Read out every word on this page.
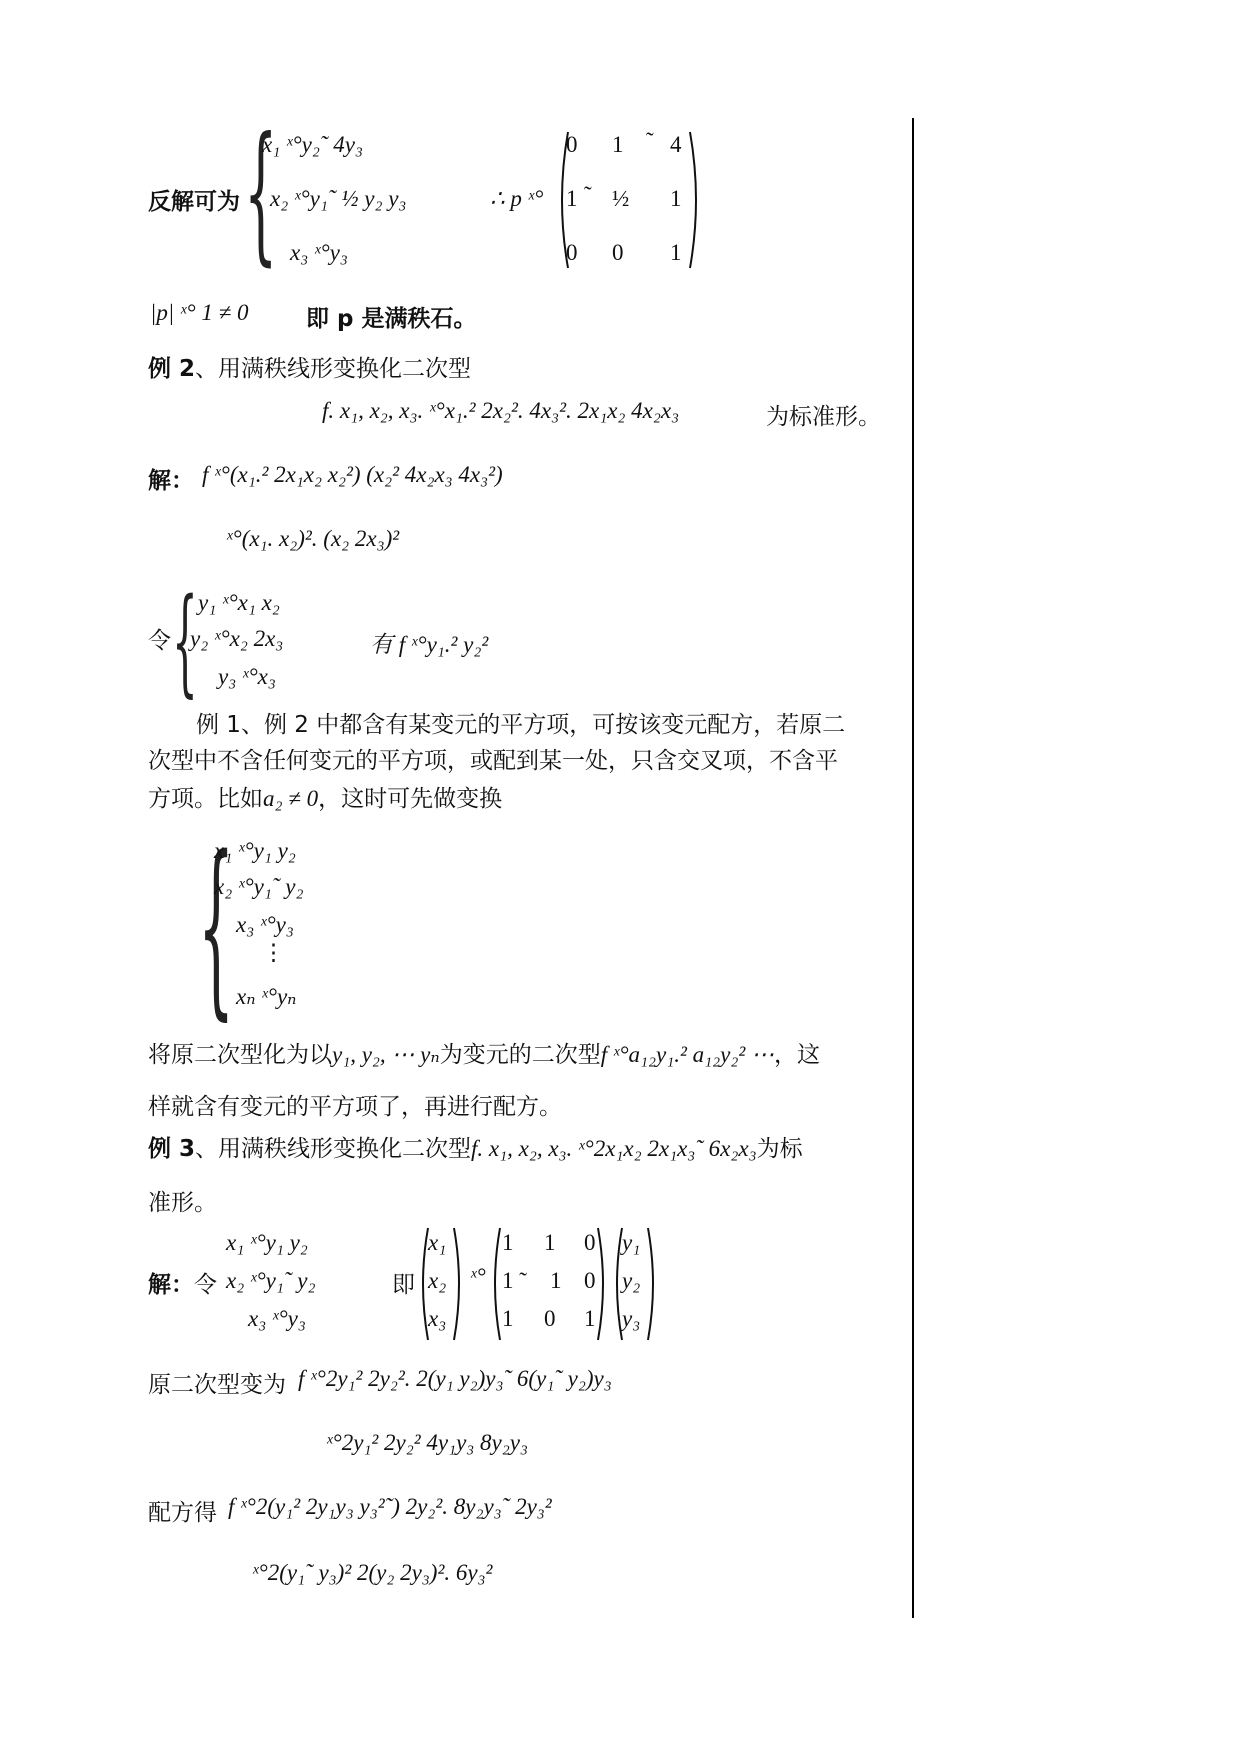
反解可为 {
x₁ ˣ°y₂˜ 4y₃
x₂ ˣ°y₁˜ ½ y₂ y₃
x₃ ˣ°y₃
∴ p ˣ°
0 1 ˜ 4
1 ˜ ½ 1
0 0 1
|p| ˣ° 1 ≠ 0	即 p 是满秩石。
例 2、用满秩线形变换化二次型
f. x₁, x₂, x₃. ˣ°x₁.² 2x₂². 4x₃². 2x₁x₂ 4x₂x₃	为标准形。
解： f ˣ°(x₁.² 2x₁x₂ x₂²) (x₂² 4x₂x₃ 4x₃²)
ˣ°(x₁. x₂)². (x₂ 2x₃)²
令 { y₁ ˣ°x₁ x₂
y₂ ˣ°x₂ 2x₃
y₃ ˣ°x₃
有 f ˣ°y₁.² y₂²
例 1、例 2 中都含有某变元的平方项，可按该变元配方，若原二
次型中不含任何变元的平方项，或配到某一处，只含交叉项，不含平
方项。比如a₂ ≠ 0，这时可先做变换
{
x₁ ˣ°y₁ y₂
x₂ ˣ°y₁˜ y₂
x₃ ˣ°y₃
⋮
xₙ ˣ°yₙ
将原二次型化为以y₁, y₂, ⋯ yₙ为变元的二次型f ˣ°a₁₂y₁.² a₁₂y₂² ⋯，这
样就含有变元的平方项了，再进行配方。
例 3、用满秩线形变换化二次型f. x₁, x₂, x₃. ˣ°2x₁x₂ 2x₁x₃˜ 6x₂x₃为标
准形。
解：令
x₁ ˣ°y₁ y₂
x₂ ˣ°y₁˜ y₂
x₃ ˣ°y₃
即
x₁
x₂
x₃
ˣ°
1 1 0
1 ˜ 1 0
1 0 1
y₁
y₂
y₃
原二次型变为 f ˣ°2y₁² 2y₂². 2(y₁ y₂)y₃˜ 6(y₁˜ y₂)y₃
ˣ°2y₁² 2y₂² 4y₁y₃ 8y₂y₃
配方得 f ˣ°2(y₁² 2y₁y₃ y₃²˜) 2y₂². 8y₂y₃˜ 2y₃²
ˣ°2(y₁˜ y₃)² 2(y₂ 2y₃)². 6y₃²
